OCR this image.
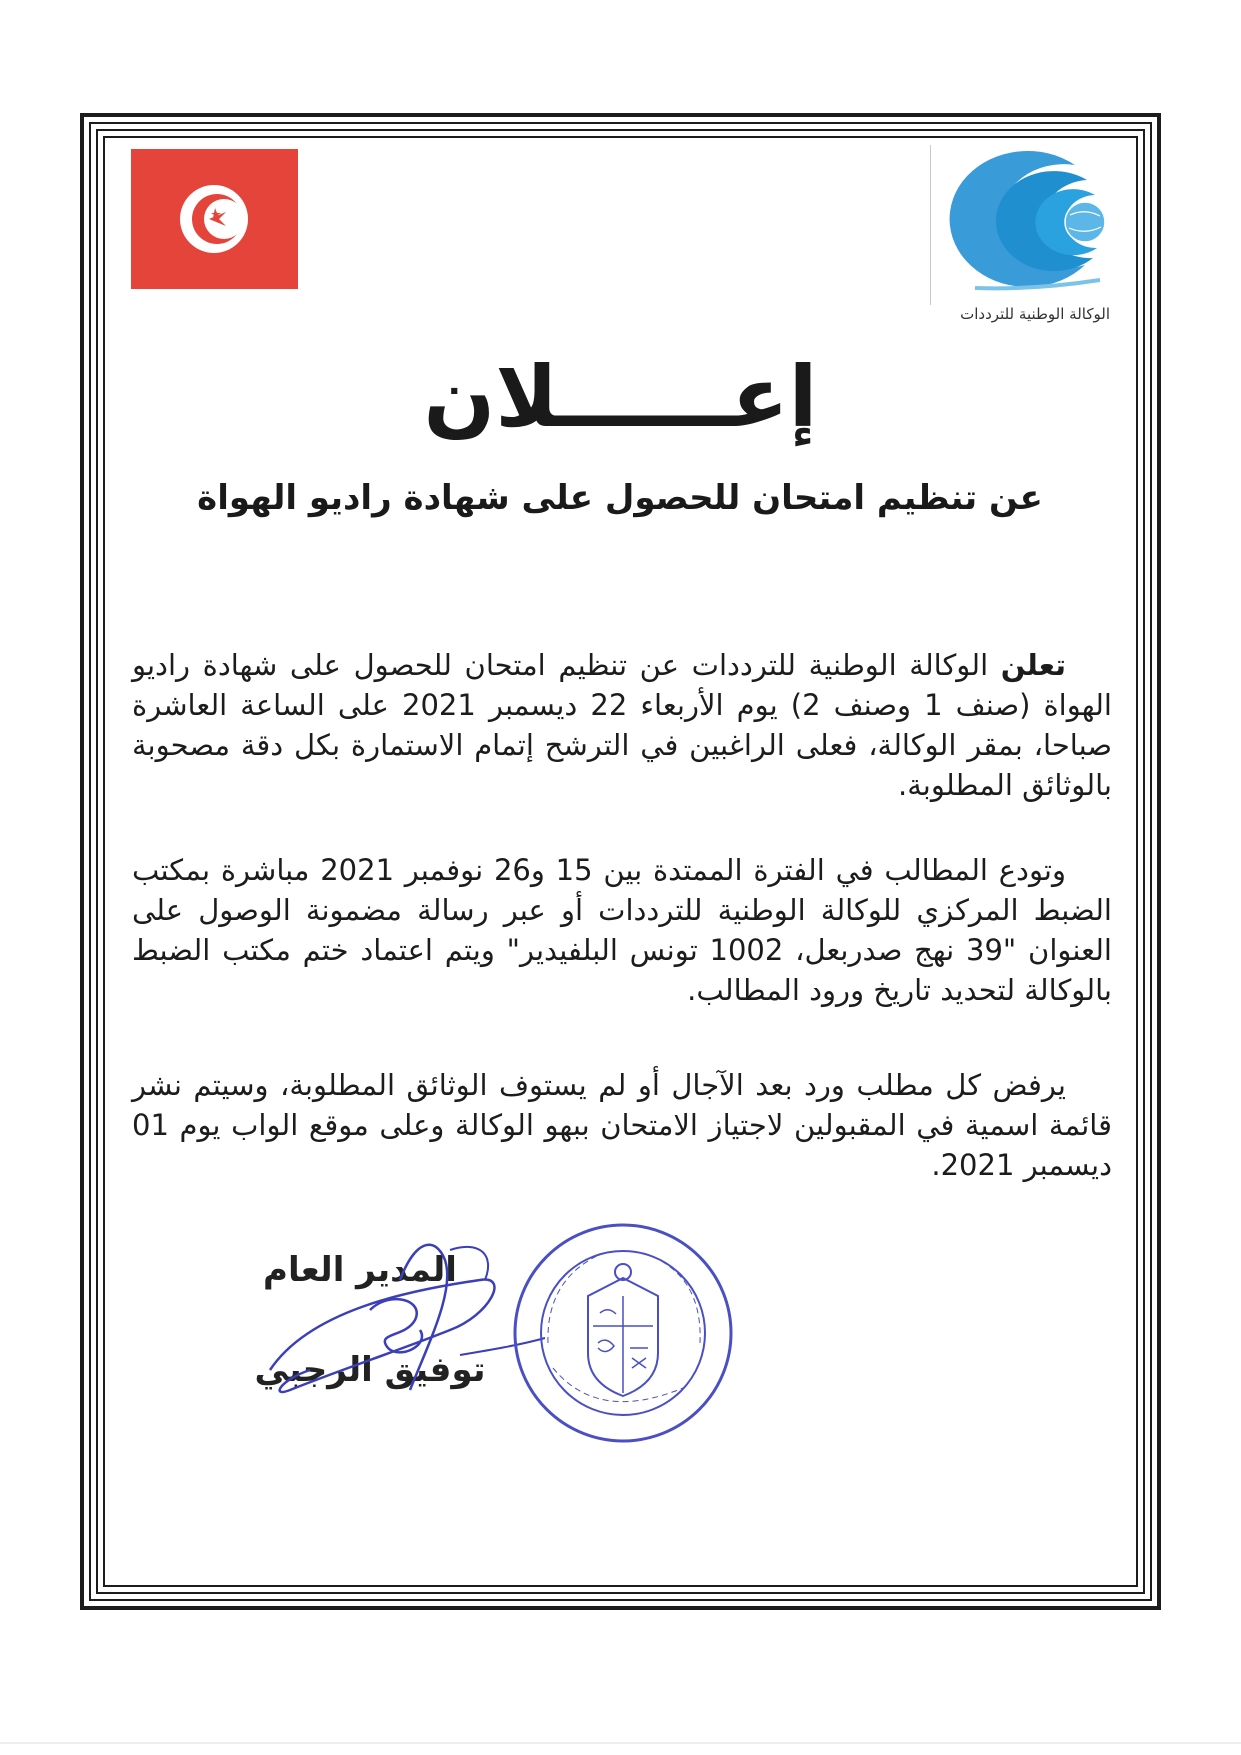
الوكالة الوطنية للترددات
إعــــــلان
عن تنظيم امتحان للحصول على شهادة راديو الهواة
تعلن الوكالة الوطنية للترددات عن تنظيم امتحان للحصول على شهادة راديو الهواة (صنف 1 وصنف 2) يوم الأربعاء 22 ديسمبر 2021 على الساعة العاشرة صباحا، بمقر الوكالة، فعلى الراغبين في الترشح إتمام الاستمارة بكل دقة مصحوبة بالوثائق المطلوبة.
وتودع المطالب في الفترة الممتدة بين 15 و26 نوفمبر 2021 مباشرة بمكتب الضبط المركزي للوكالة الوطنية للترددات أو عبر رسالة مضمونة الوصول على العنوان "39 نهج صدربعل، 1002 تونس البلفيدير" ويتم اعتماد ختم مكتب الضبط بالوكالة لتحديد تاريخ ورود المطالب.
يرفض كل مطلب ورد بعد الآجال أو لم يستوف الوثائق المطلوبة، وسيتم نشر قائمة اسمية في المقبولين لاجتياز الامتحان ببهو الوكالة وعلى موقع الواب يوم 01 ديسمبر 2021.
المدير العام
توفيق الرجبي
